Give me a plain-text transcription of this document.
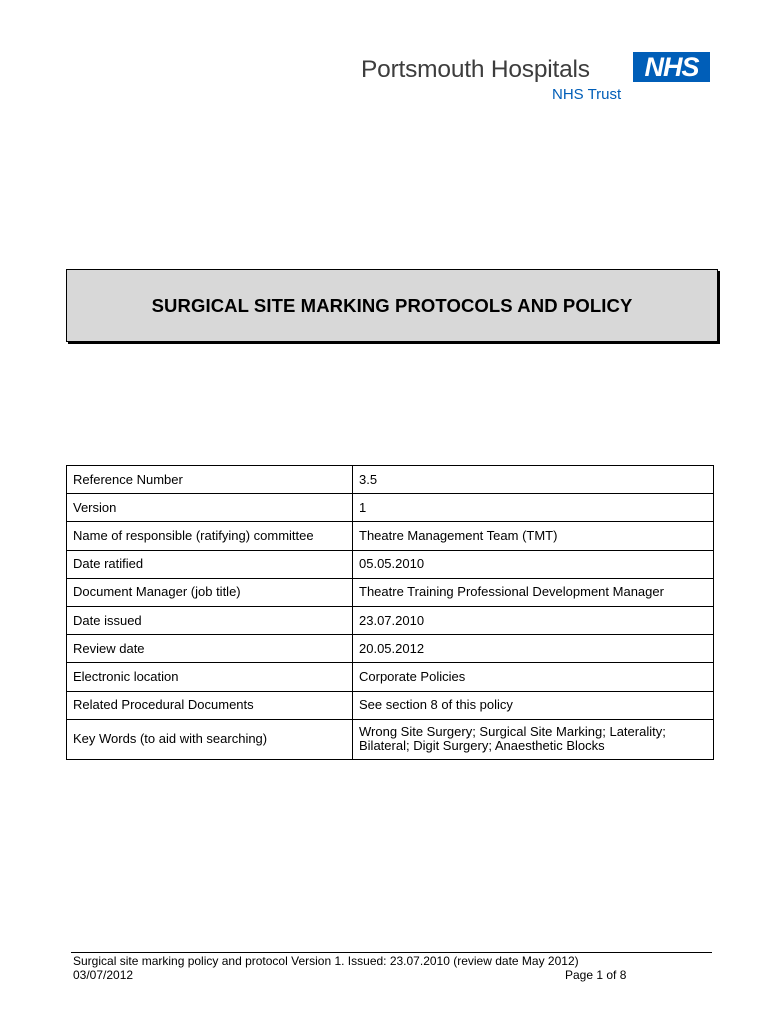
Portsmouth Hospitals	NHS
NHS Trust
SURGICAL SITE MARKING PROTOCOLS AND POLICY
Reference Number	3.5
Version	1
Name of responsible (ratifying) committee	Theatre Management Team (TMT)
Date ratified	05.05.2010
Document Manager (job title)	Theatre Training Professional Development Manager
Date issued	23.07.2010
Review date	20.05.2012
Electronic location	Corporate Policies
Related Procedural Documents	See section 8 of this policy
Key Words (to aid with searching)	Wrong Site Surgery; Surgical Site Marking; Laterality; Bilateral; Digit Surgery; Anaesthetic Blocks
Surgical site marking policy and protocol Version 1. Issued: 23.07.2010 (review date May 2012)
03/07/2012	Page 1 of 8
